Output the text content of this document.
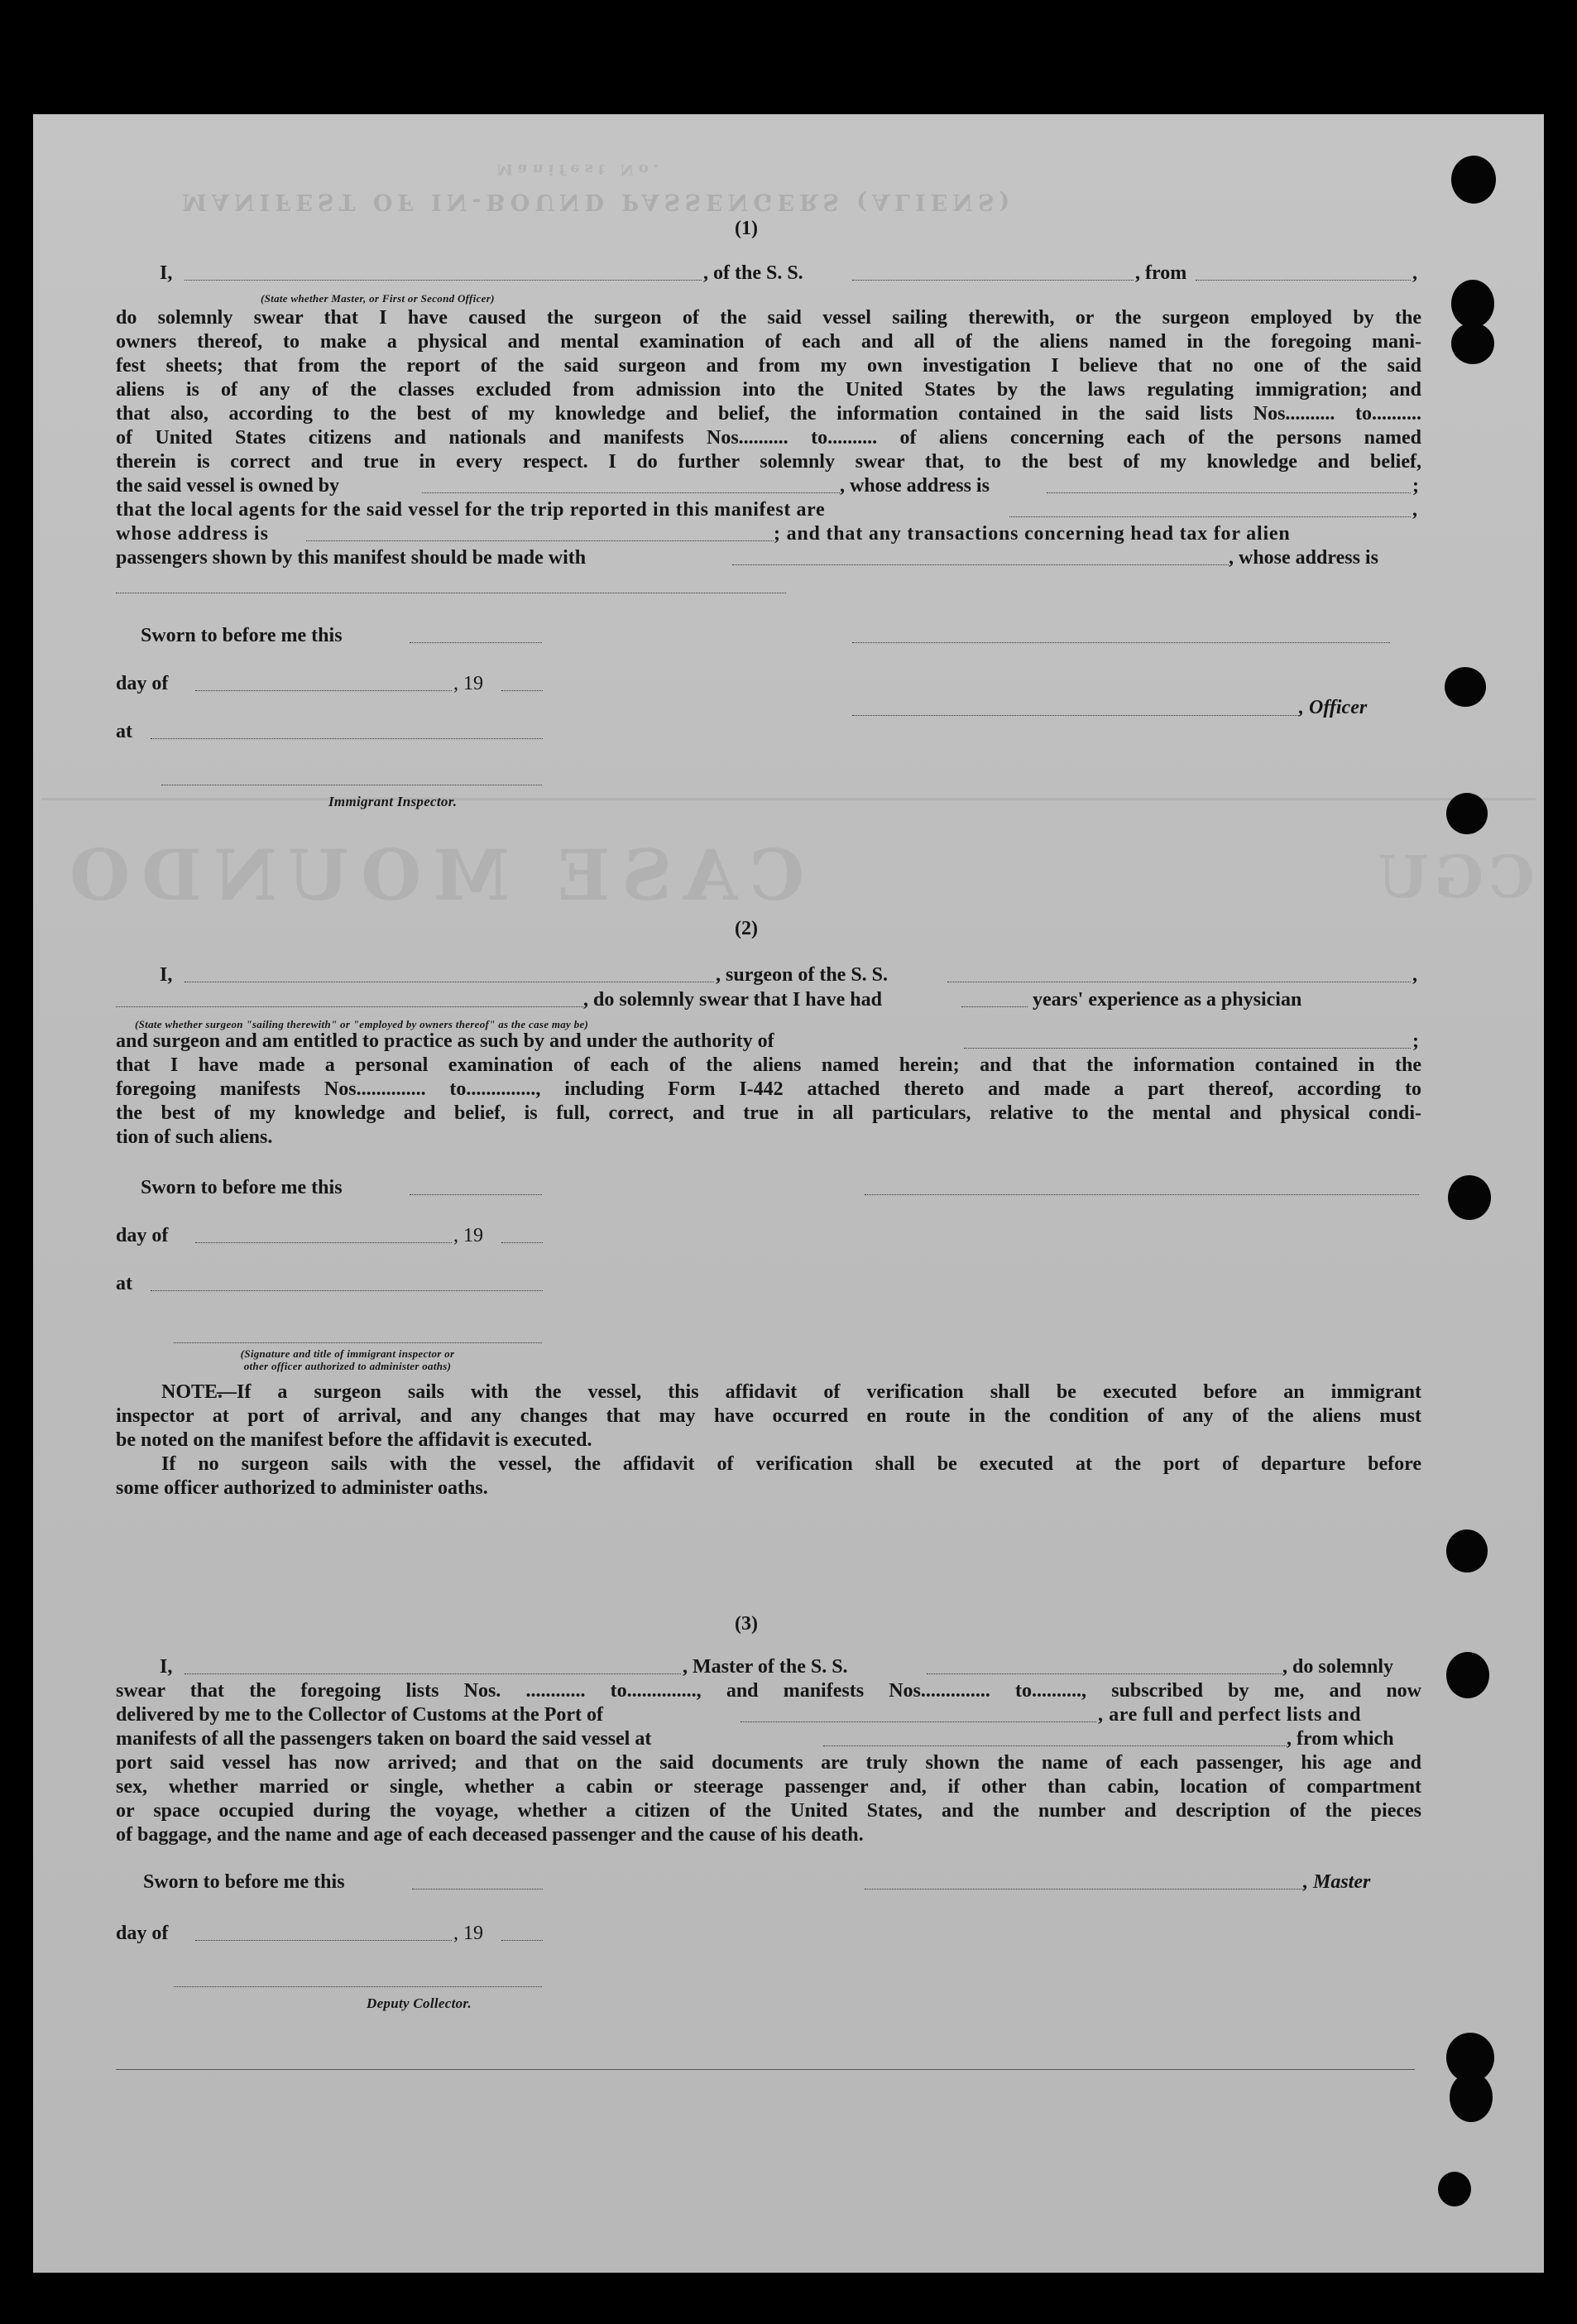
MANIFEST OF IN-BOUND PASSENGERS (ALIENS)
Manifest No.
CASE MOUNDO	CGU
(1)
I,	, of the S. S.	, from	,
(State whether Master, or First or Second Officer)
do solemnly swear that I have caused the surgeon of the said vessel sailing therewith, or the surgeon employed by the
owners thereof, to make a physical and mental examination of each and all of the aliens named in the foregoing mani-
fest sheets; that from the report of the said surgeon and from my own investigation I believe that no one of the said
aliens is of any of the classes excluded from admission into the United States by the laws regulating immigration; and
that also, according to the best of my knowledge and belief, the information contained in the said lists Nos.......... to..........
of United States citizens and nationals and manifests Nos.......... to.......... of aliens concerning each of the persons named
therein is correct and true in every respect. I do further solemnly swear that, to the best of my knowledge and belief,
the said vessel is owned by	, whose address is	;
that the local agents for the said vessel for the trip reported in this manifest are	,
whose address is	; and that any transactions concerning head tax for alien
passengers shown by this manifest should be made with	, whose address is
Sworn to before me this
day of	, 19
, Officer
at
Immigrant Inspector.
(2)
I,	, surgeon of the S. S.	,
, do solemnly swear that I have had	years' experience as a physician
(State whether surgeon "sailing therewith" or "employed by owners thereof" as the case may be)
and surgeon and am entitled to practice as such by and under the authority of	;
that I have made a personal examination of each of the aliens named herein; and that the information contained in the
foregoing manifests Nos.............. to.............., including Form I-442 attached thereto and made a part thereof, according to
the best of my knowledge and belief, is full, correct, and true in all particulars, relative to the mental and physical condi-
tion of such aliens.
Sworn to before me this
day of	, 19
at
(Signature and title of immigrant inspector or
other officer authorized to administer oaths)
NOTE.
—If a surgeon sails with the vessel, this affidavit of verification shall be executed before an immigrant
inspector at port of arrival, and any changes that may have occurred en route in the condition of any of the aliens must
be noted on the manifest before the affidavit is executed.
If no surgeon sails with the vessel, the affidavit of verification shall be executed at the port of departure before
some officer authorized to administer oaths.
(3)
I,	, Master of the S. S.	, do solemnly
swear that the foregoing lists Nos. ............ to.............., and manifests Nos.............. to.........., subscribed by me, and now
delivered by me to the Collector of Customs at the Port of	, are full and perfect lists and
manifests of all the passengers taken on board the said vessel at	, from which
port said vessel has now arrived; and that on the said documents are truly shown the name of each passenger, his age and
sex, whether married or single, whether a cabin or steerage passenger and, if other than cabin, location of compartment
or space occupied during the voyage, whether a citizen of the United States, and the number and description of the pieces
of baggage, and the name and age of each deceased passenger and the cause of his death.
Sworn to before me this	, Master
day of	, 19
Deputy Collector.
